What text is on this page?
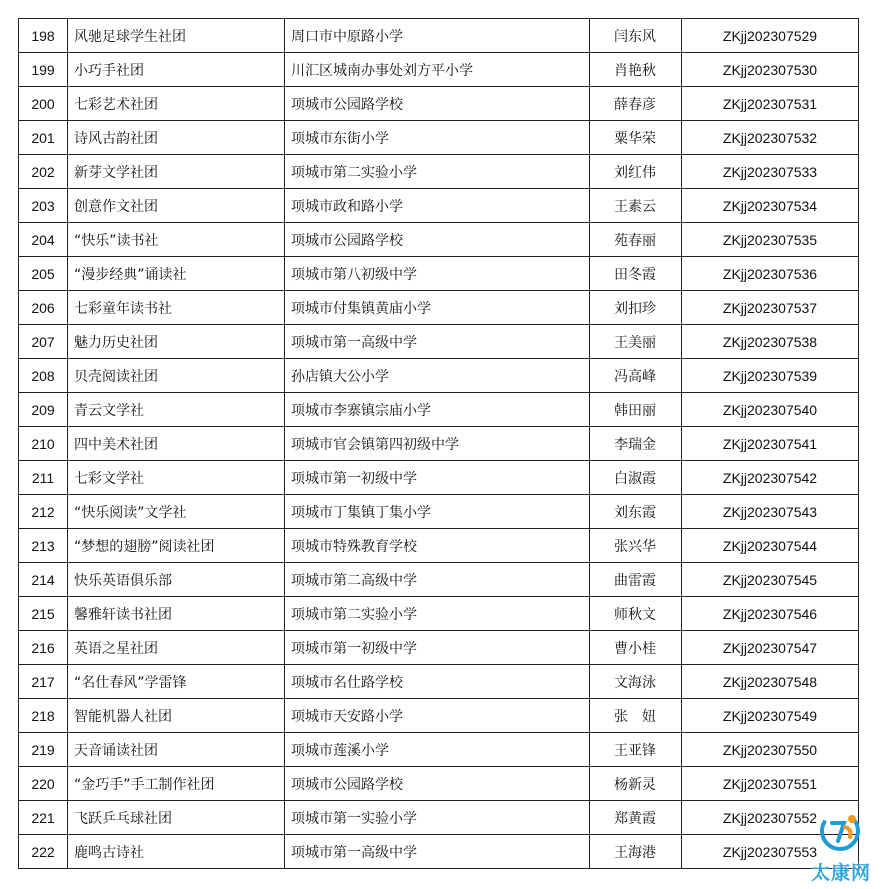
198	风驰足球学生社团	周口市中原路小学	闫东风	ZKjj202307529
199	小巧手社团	川汇区城南办事处刘方平小学	肖艳秋	ZKjj202307530
200	七彩艺术社团	项城市公园路学校	薛春彦	ZKjj202307531
201	诗风古韵社团	项城市东街小学	粟华荣	ZKjj202307532
202	新芽文学社团	项城市第二实验小学	刘红伟	ZKjj202307533
203	创意作文社团	项城市政和路小学	王素云	ZKjj202307534
204	“快乐”读书社	项城市公园路学校	苑春丽	ZKjj202307535
205	“漫步经典”诵读社	项城市第八初级中学	田冬霞	ZKjj202307536
206	七彩童年读书社	项城市付集镇黄庙小学	刘扣珍	ZKjj202307537
207	魅力历史社团	项城市第一高级中学	王美丽	ZKjj202307538
208	贝壳阅读社团	孙店镇大公小学	冯高峰	ZKjj202307539
209	青云文学社	项城市李寨镇宗庙小学	韩田丽	ZKjj202307540
210	四中美术社团	项城市官会镇第四初级中学	李瑞金	ZKjj202307541
211	七彩文学社	项城市第一初级中学	白淑霞	ZKjj202307542
212	“快乐阅读”文学社	项城市丁集镇丁集小学	刘东霞	ZKjj202307543
213	“梦想的翅膀”阅读社团	项城市特殊教育学校	张兴华	ZKjj202307544
214	快乐英语俱乐部	项城市第二高级中学	曲雷霞	ZKjj202307545
215	馨雅轩读书社团	项城市第二实验小学	师秋文	ZKjj202307546
216	英语之星社团	项城市第一初级中学	曹小桂	ZKjj202307547
217	“名仕春风”学雷锋	项城市名仕路学校	文海泳	ZKjj202307548
218	智能机器人社团	项城市天安路小学	张　妞	ZKjj202307549
219	天音诵读社团	项城市莲溪小学	王亚锋	ZKjj202307550
220	“金巧手”手工制作社团	项城市公园路学校	杨新灵	ZKjj202307551
221	飞跃乒乓球社团	项城市第一实验小学	郑黄霞	ZKjj202307552
222	鹿鸣古诗社	项城市第一高级中学	王海港	ZKjj202307553
太康网
